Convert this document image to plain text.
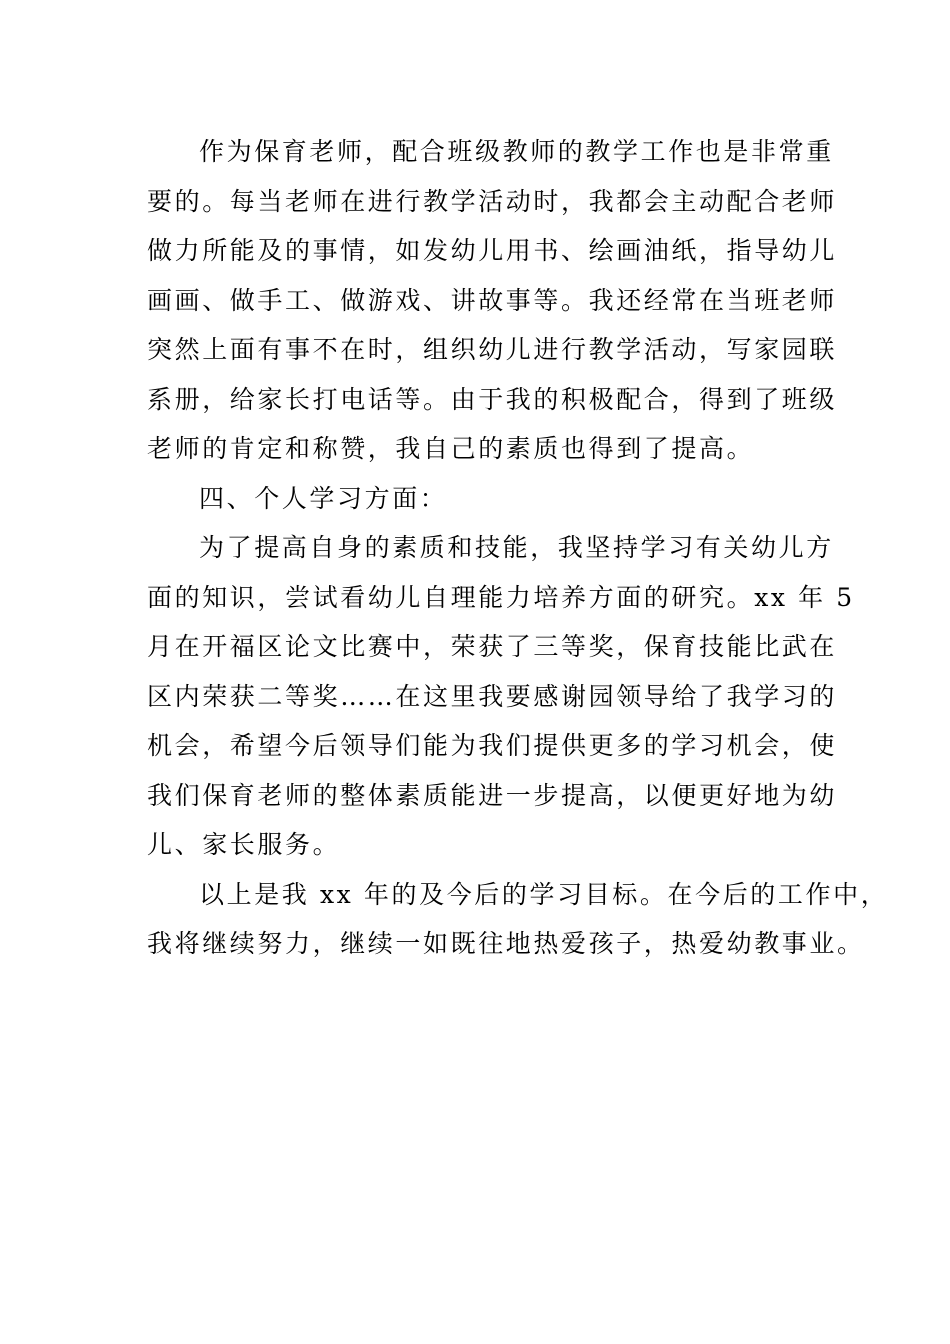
作为保育老师，配合班级教师的教学工作也是非常重
要的。每当老师在进行教学活动时，我都会主动配合老师
做力所能及的事情，如发幼儿用书、绘画油纸，指导幼儿
画画、做手工、做游戏、讲故事等。我还经常在当班老师
突然上面有事不在时，组织幼儿进行教学活动，写家园联
系册，给家长打电话等。由于我的积极配合，得到了班级
老师的肯定和称赞，我自己的素质也得到了提高。

四、个人学习方面：

为了提高自身的素质和技能，我坚持学习有关幼儿方
面的知识，尝试看幼儿自理能力培养方面的研究。xx 年 5
月在开福区论文比赛中，荣获了三等奖，保育技能比武在
区内荣获二等奖……在这里我要感谢园领导给了我学习的
机会，希望今后领导们能为我们提供更多的学习机会，使
我们保育老师的整体素质能进一步提高，以便更好地为幼
儿、家长服务。

以上是我 xx 年的及今后的学习目标。在今后的工作中，
我将继续努力，继续一如既往地热爱孩子，热爱幼教事业。
